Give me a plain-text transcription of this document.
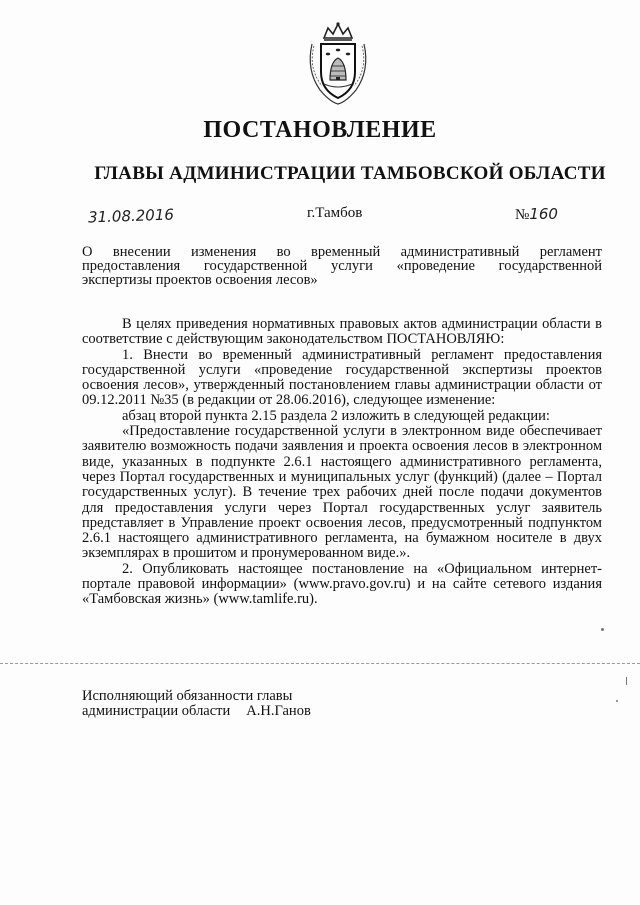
ПОСТАНОВЛЕНИЕ
ГЛАВЫ АДМИНИСТРАЦИИ ТАМБОВСКОЙ ОБЛАСТИ
31.08.2016	г.Тамбов	№160
О внесении изменения во временный административный регламент
предоставления государственной услуги «проведение государственной
экспертизы проектов освоения лесов»

В целях приведения нормативных правовых актов администрации области в соответствие с действующим законодательством ПОСТАНОВЛЯЮ:

1. Внести во временный административный регламент предоставления государственной услуги «проведение государственной экспертизы проектов освоения лесов», утвержденный постановлением главы администрации области от 09.12.2011 №35 (в редакции от 28.06.2016), следующее изменение:

абзац второй пункта 2.15 раздела 2 изложить в следующей редакции:

«Предоставление государственной услуги в электронном виде обеспечивает заявителю возможность подачи заявления и проекта освоения лесов в электронном виде, указанных в подпункте 2.6.1 настоящего административного регламента, через Портал государственных и муниципальных услуг (функций) (далее – Портал государственных услуг). В течение трех рабочих дней после подачи документов для предоставления услуги через Портал государственных услуг заявитель представляет в Управление проект освоения лесов, предусмотренный подпунктом 2.6.1 настоящего административного регламента, на бумажном носителе в двух экземплярах в прошитом и пронумерованном виде.».

2. Опубликовать настоящее постановление на «Официальном интернет-портале правовой информации» (www.pravo.gov.ru) и на сайте сетевого издания «Тамбовская жизнь» (www.tamlife.ru).

Исполняющий обязанности главы
администрации области А.Н.Ганов
